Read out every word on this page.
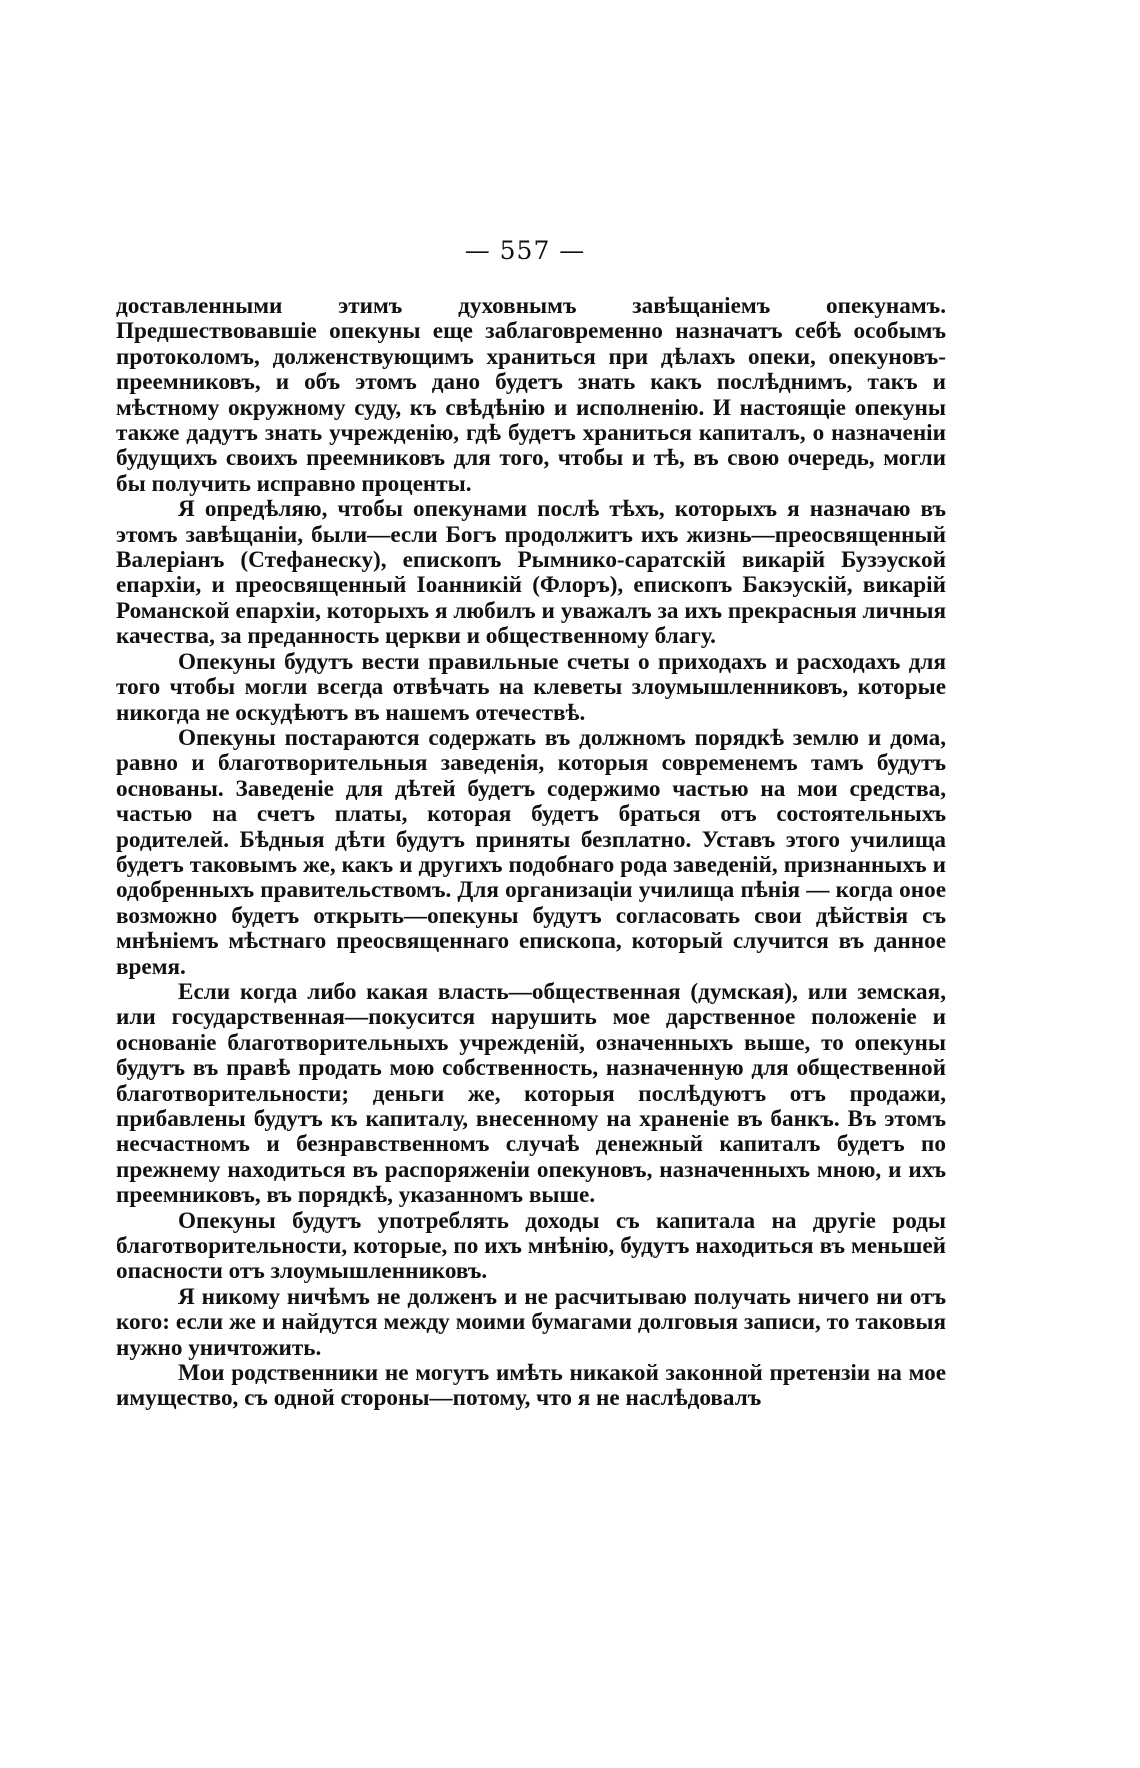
— 557 —

доставленными этимъ духовнымъ завѣщаніемъ опекунамъ. Предшествовавшіе опекуны еще заблаговременно назначатъ себѣ особымъ протоколомъ, долженствующимъ храниться при дѣлахъ опеки, опекуновъ-преемниковъ, и объ этомъ дано будетъ знать какъ послѣднимъ, такъ и мѣстному окружному суду, къ свѣдѣнію и исполненію. И настоящіе опекуны также дадутъ знать учрежденію, гдѣ будетъ храниться капиталъ, о назначеніи будущихъ своихъ преемниковъ для того, чтобы и тѣ, въ свою очередь, могли бы получить исправно проценты.

Я опредѣляю, чтобы опекунами послѣ тѣхъ, которыхъ я назначаю въ этомъ завѣщаніи, были—если Богъ продолжитъ ихъ жизнь—преосвященный Валеріанъ (Стефанеску), епископъ Рымнико-саратскій викарій Бузэуской епархіи, и преосвященный Іоанникій (Флоръ), епископъ Бакэускій, викарій Романской епархіи, которыхъ я любилъ и уважалъ за ихъ прекрасныя личныя качества, за преданность церкви и общественному благу.

Опекуны будутъ вести правильные счеты о приходахъ и расходахъ для того чтобы могли всегда отвѣчать на клеветы злоумышленниковъ, которые никогда не оскудѣютъ въ нашемъ отечествѣ.

Опекуны постараются содержать въ должномъ порядкѣ землю и дома, равно и благотворительныя заведенія, которыя современемъ тамъ будутъ основаны. Заведеніе для дѣтей будетъ содержимо частью на мои средства, частью на счетъ платы, которая будетъ браться отъ состоятельныхъ родителей. Бѣдныя дѣти будутъ приняты безплатно. Уставъ этого училища будетъ таковымъ же, какъ и другихъ подобнаго рода заведеній, признанныхъ и одобренныхъ правительствомъ. Для организаціи училища пѣнія — когда оное возможно будетъ открыть—опекуны будутъ согласовать свои дѣйствія съ мнѣніемъ мѣстнаго преосвященнаго епископа, который случится въ данное время.

Если когда либо какая власть—общественная (думская), или земская, или государственная—покусится нарушить мое дарственное положеніе и основаніе благотворительныхъ учрежденій, означенныхъ выше, то опекуны будутъ въ правѣ продать мою собственность, назначенную для общественной благотворительности; деньги же, которыя послѣдуютъ отъ продажи, прибавлены будутъ къ капиталу, внесенному на храненіе въ банкъ. Въ этомъ несчастномъ и безнравственномъ случаѣ денежный капиталъ будетъ по прежнему находиться въ распоряженіи опекуновъ, назначенныхъ мною, и ихъ преемниковъ, въ порядкѣ, указанномъ выше.

Опекуны будутъ употреблять доходы съ капитала на другіе роды благотворительности, которые, по ихъ мнѣнію, будутъ находиться въ меньшей опасности отъ злоумышленниковъ.

Я никому ничѣмъ не долженъ и не расчитываю получать ничего ни отъ кого: если же и найдутся между моими бумагами долговыя записи, то таковыя нужно уничтожить.

Мои родственники не могутъ имѣть никакой законной претензіи на мое имущество, съ одной стороны—потому, что я не наслѣдовалъ
